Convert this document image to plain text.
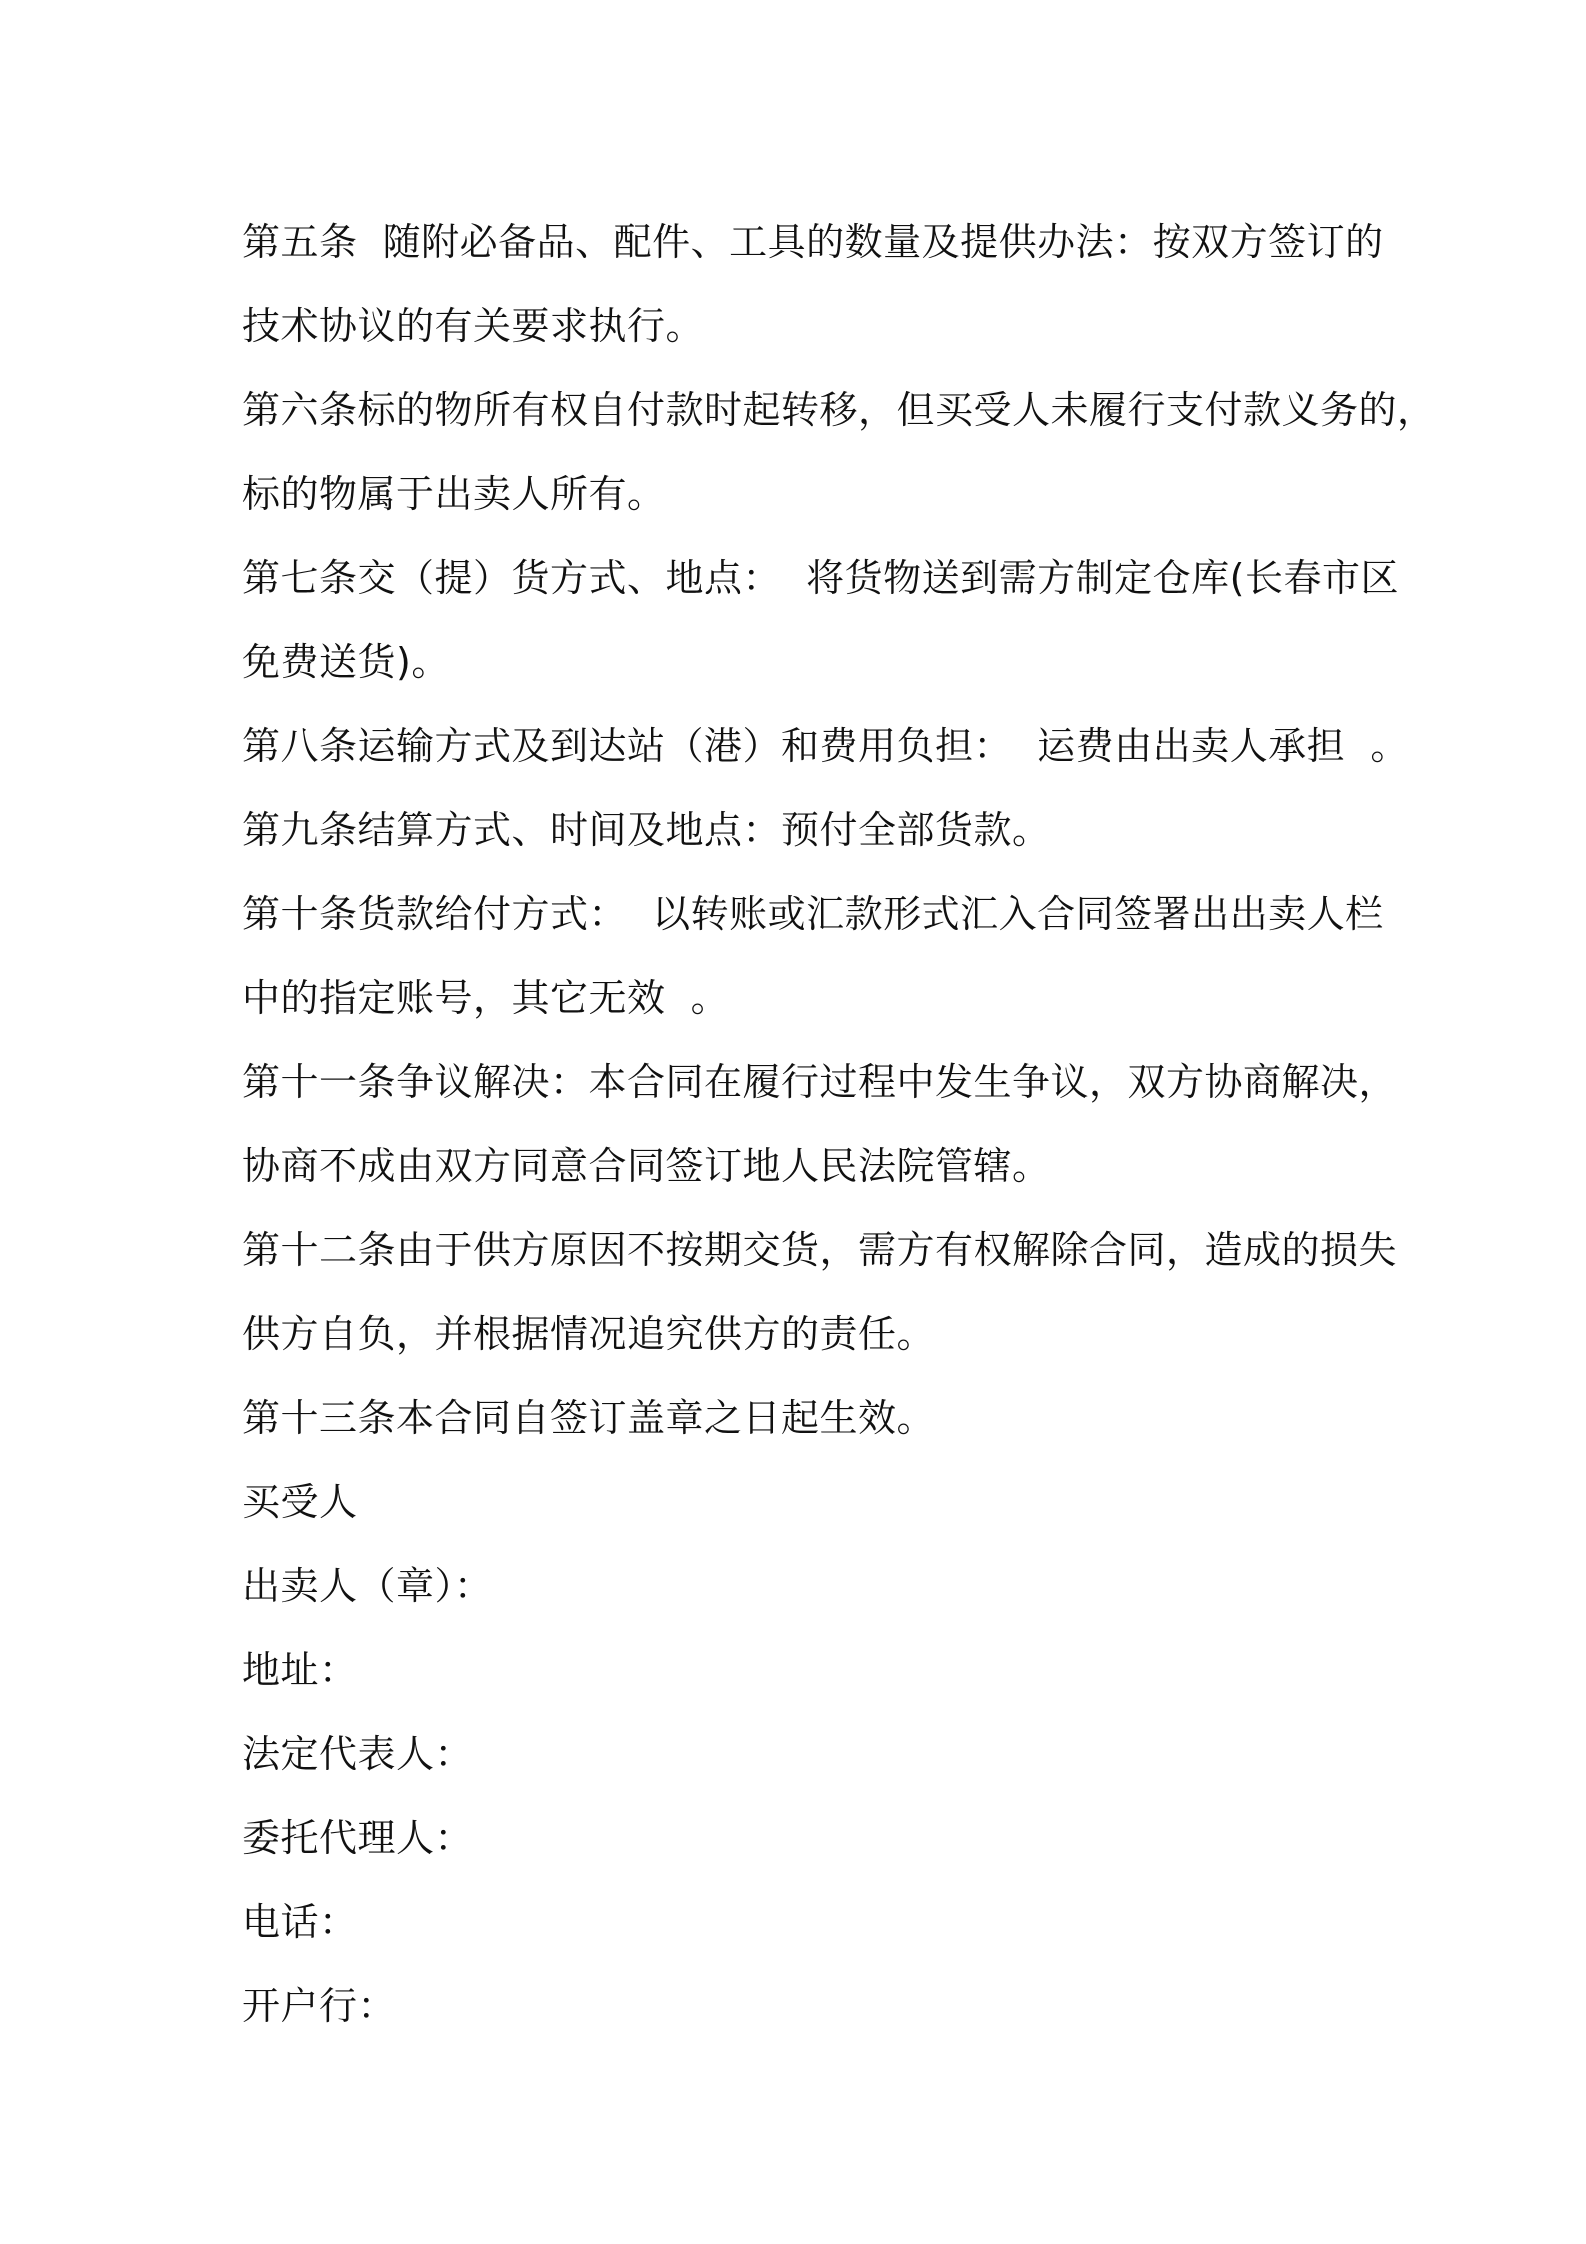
第五条  随附必备品、配件、工具的数量及提供办法：按双方签订的
技术协议的有关要求执行。
第六条标的物所有权自付款时起转移，但买受人未履行支付款义务的，
标的物属于出卖人所有。
第七条交（提）货方式、地点：  将货物送到需方制定仓库(长春市区
免费送货)。
第八条运输方式及到达站（港）和费用负担：  运费由出卖人承担  。
第九条结算方式、时间及地点：预付全部货款。
第十条货款给付方式：  以转账或汇款形式汇入合同签署出出卖人栏
中的指定账号，其它无效  。
第十一条争议解决：本合同在履行过程中发生争议，双方协商解决，
协商不成由双方同意合同签订地人民法院管辖。
第十二条由于供方原因不按期交货，需方有权解除合同，造成的损失
供方自负，并根据情况追究供方的责任。
第十三条本合同自签订盖章之日起生效。
买受人
出卖人（章）：
地址：
法定代表人：
委托代理人：
电话：
开户行：
